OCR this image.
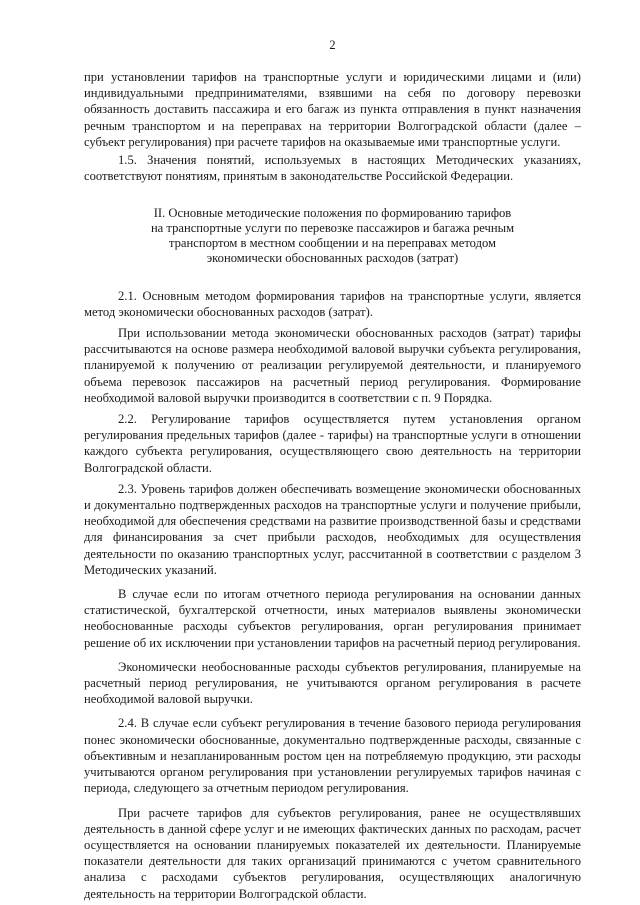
2

при установлении тарифов на транспортные услуги и юридическими лицами и (или) индивидуальными предпринимателями, взявшими на себя по договору перевозки обязанность доставить пассажира и его багаж из пункта отправления в пункт назначения речным транспортом и на переправах на территории Волгоградской области (далее – субъект регулирования) при расчете тарифов на оказываемые ими транспортные услуги.

1.5. Значения понятий, используемых в настоящих Методических указаниях, соответствуют понятиям, принятым в законодательстве Российской Федерации.

II. Основные методические положения по формированию тарифов
на транспортные услуги по перевозке пассажиров и багажа речным
транспортом в местном сообщении и на переправах методом
экономически обоснованных расходов (затрат)

2.1. Основным методом формирования тарифов на транспортные услуги, является метод экономически обоснованных расходов (затрат).

При использовании метода экономически обоснованных расходов (затрат) тарифы рассчитываются на основе размера необходимой валовой выручки субъекта регулирования, планируемой к получению от реализации регулируемой деятельности, и планируемого объема перевозок пассажиров на расчетный период регулирования. Формирование необходимой валовой выручки производится в соответствии с п. 9 Порядка.

2.2. Регулирование тарифов осуществляется путем установления органом регулирования предельных тарифов (далее - тарифы) на транспортные услуги в отношении каждого субъекта регулирования, осуществляющего свою деятельность на территории Волгоградской области.

2.3. Уровень тарифов должен обеспечивать возмещение экономически обоснованных и документально подтвержденных расходов на транспортные услуги и получение прибыли, необходимой для обеспечения средствами на развитие производственной базы и средствами для финансирования за счет прибыли расходов, необходимых для осуществления деятельности по оказанию транспортных услуг, рассчитанной в соответствии с разделом 3 Методических указаний.

В случае если по итогам отчетного периода регулирования на основании данных статистической, бухгалтерской отчетности, иных материалов выявлены экономически необоснованные расходы субъектов регулирования, орган регулирования принимает решение об их исключении при установлении тарифов на расчетный период регулирования.

Экономически необоснованные расходы субъектов регулирования, планируемые на расчетный период регулирования, не учитываются органом регулирования в расчете необходимой валовой выручки.

2.4. В случае если субъект регулирования в течение базового периода регулирования понес экономически обоснованные, документально подтвержденные расходы, связанные с объективным и незапланированным ростом цен на потребляемую продукцию, эти расходы учитываются органом регулирования при установлении регулируемых тарифов начиная с периода, следующего за отчетным периодом регулирования.

При расчете тарифов для субъектов регулирования, ранее не осуществлявших деятельность в данной сфере услуг и не имеющих фактических данных по расходам, расчет осуществляется на основании планируемых показателей их деятельности. Планируемые показатели деятельности для таких организаций принимаются с учетом сравнительного анализа с расходами субъектов регулирования, осуществляющих аналогичную деятельность на территории Волгоградской области.
